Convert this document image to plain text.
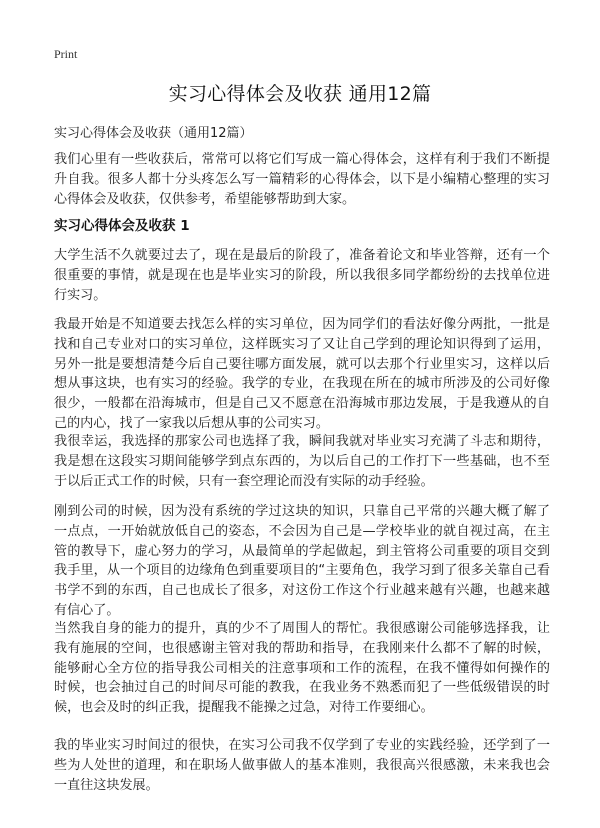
Print
实习心得体会及收获 通用12篇
实习心得体会及收获（通用12篇）

我们心里有一些收获后，常常可以将它们写成一篇心得体会，这样有利于我们不断提升自我。很多人都十分头疼怎么写一篇精彩的心得体会，以下是小编精心整理的实习心得体会及收获，仅供参考，希望能够帮助到大家。

实习心得体会及收获 1

大学生活不久就要过去了，现在是最后的阶段了，准备着论文和毕业答辩，还有一个很重要的事情，就是现在也是毕业实习的阶段，所以我很多同学都纷纷的去找单位进行实习。

我最开始是不知道要去找怎么样的实习单位，因为同学们的看法好像分两批，一批是找和自己专业对口的实习单位，这样既实习了又让自己学到的理论知识得到了运用，另外一批是要想清楚今后自己要往哪方面发展，就可以去那个行业里实习，这样以后想从事这块，也有实习的经验。我学的专业，在我现在所在的城市所涉及的公司好像很少，一般都在沿海城市，但是自己又不愿意在沿海城市那边发展，于是我遵从的自己的内心，找了一家我以后想从事的公司实习。

我很幸运，我选择的那家公司也选择了我，瞬间我就对毕业实习充满了斗志和期待，我是想在这段实习期间能够学到点东西的，为以后自己的工作打下一些基础，也不至于以后正式工作的时候，只有一套空理论而没有实际的动手经验。

刚到公司的时候，因为没有系统的学过这块的知识，只靠自己平常的兴趣大概了解了一点点，一开始就放低自己的姿态，不会因为自己是—学校毕业的就自视过高，在主管的教导下，虚心努力的学习，从最简单的学起做起，到主管将公司重要的项目交到我手里，从一个项目的边缘角色到重要项目的“主要角色，我学习到了很多关靠自己看书学不到的东西，自己也成长了很多，对这份工作这个行业越来越有兴趣，也越来越有信心了。

当然我自身的能力的提升，真的少不了周围人的帮忙。我很感谢公司能够选择我，让我有施展的空间，也很感谢主管对我的帮助和指导，在我刚来什么都不了解的时候，能够耐心全方位的指导我公司相关的注意事项和工作的流程，在我不懂得如何操作的时候，也会抽过自己的时间尽可能的教我，在我业务不熟悉而犯了一些低级错误的时候，也会及时的纠正我，提醒我不能操之过急，对待工作要细心。

我的毕业实习时间过的很快，在实习公司我不仅学到了专业的实践经验，还学到了一些为人处世的道理，和在职场人做事做人的基本准则，我很高兴很感激，未来我也会一直往这块发展。
